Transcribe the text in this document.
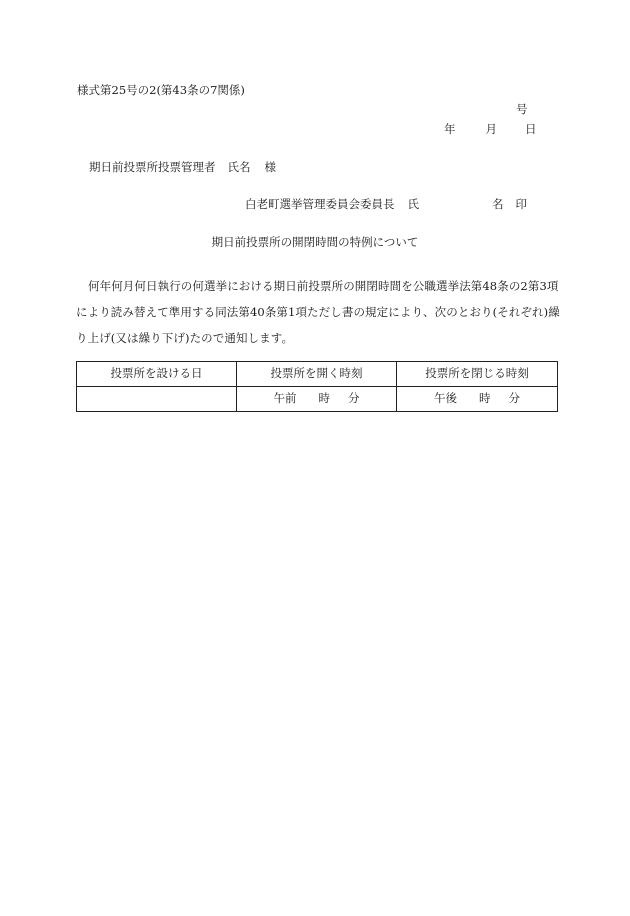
様式第25号の2(第43条の7関係)
号
年	月 日
期日前投票所投票管理者 氏名 様
白老町選挙管理委員会委員長 氏	名 印
期日前投票所の開閉時間の特例について
何年何月何日執行の何選挙における期日前投票所の開閉時間を公職選挙法第48条の2第3項により読み替えて準用する同法第40条第1項ただし書の規定により、次のとおり(それぞれ)繰り上げ(又は繰り下げ)たので通知します。
投票所を設ける日	投票所を開く時刻	投票所を閉じる時刻
	午前 時 分	午後 時 分
